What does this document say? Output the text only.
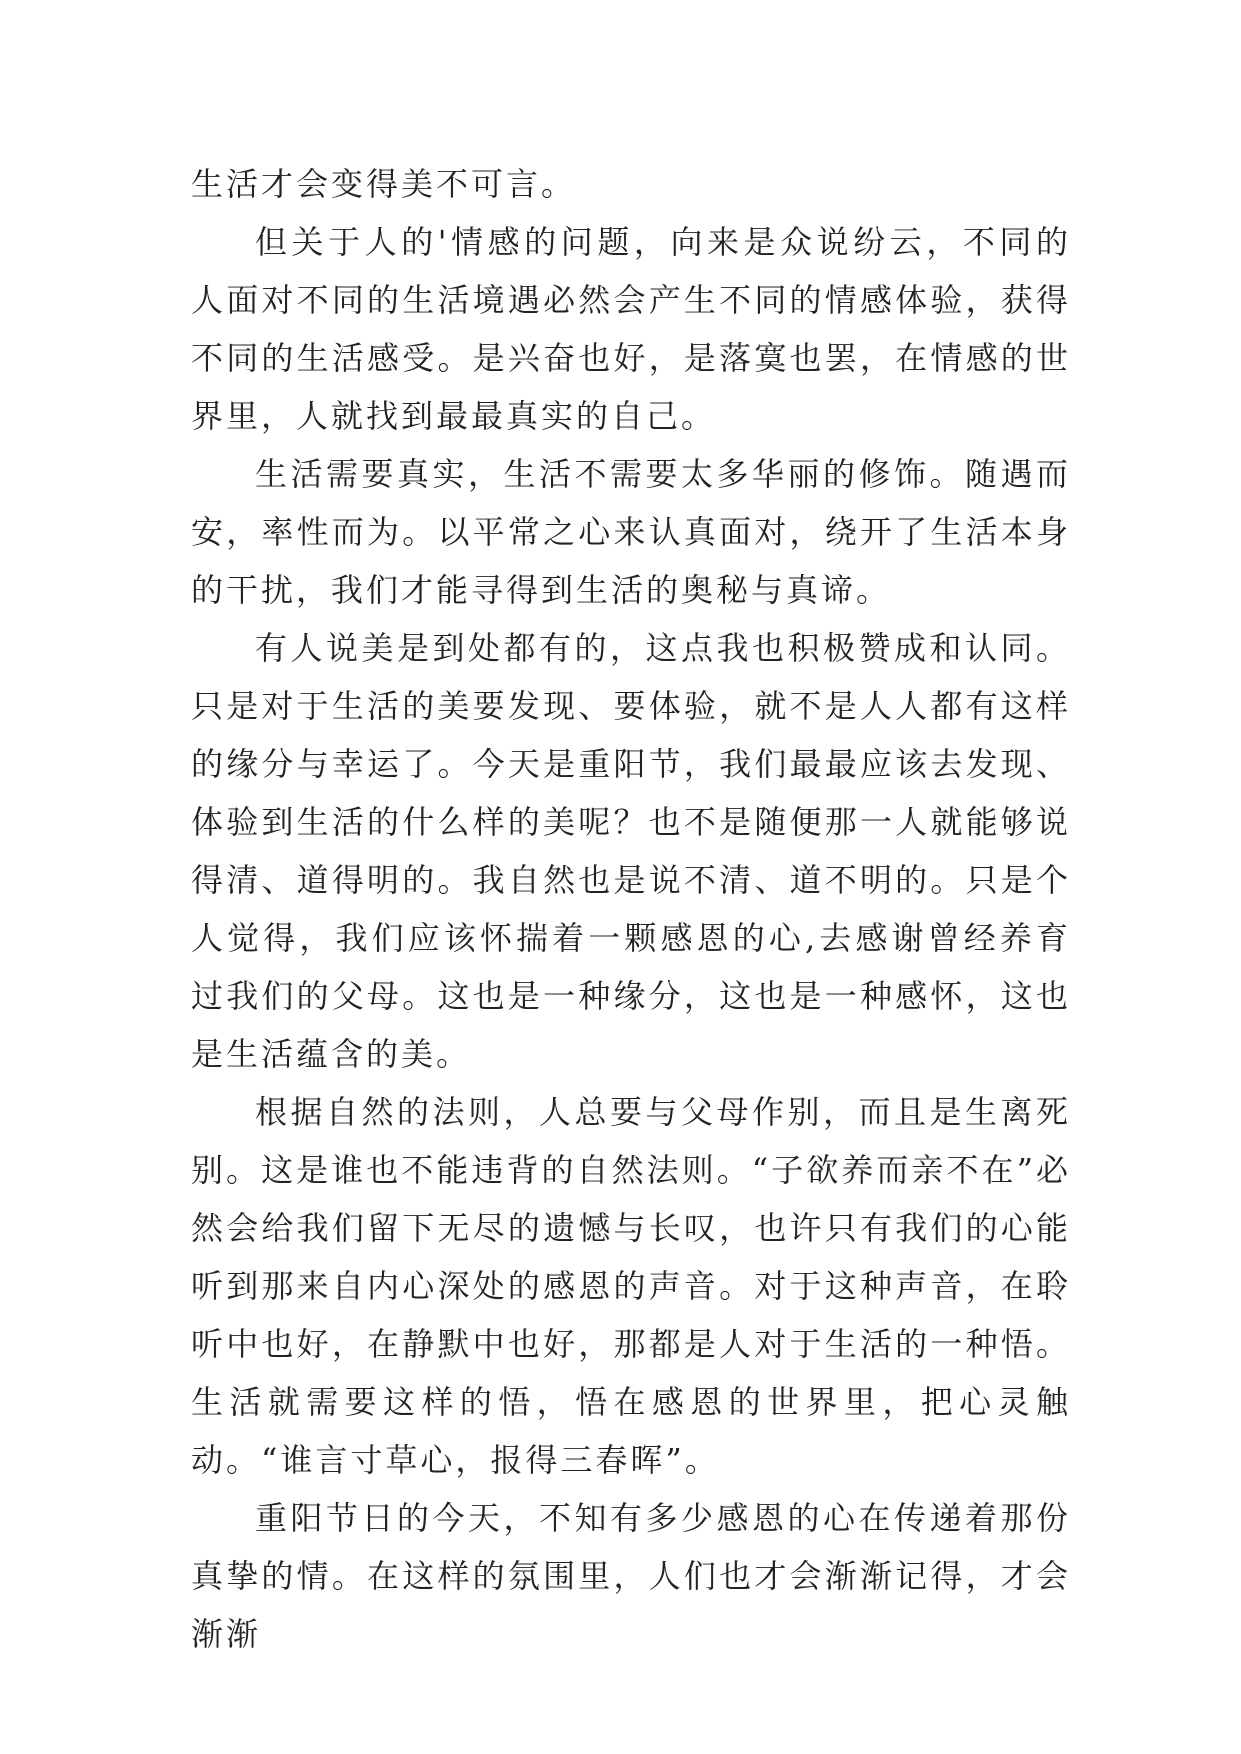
生活才会变得美不可言。

但关于人的'情感的问题，向来是众说纷云，不同的人面对不同的生活境遇必然会产生不同的情感体验，获得不同的生活感受。是兴奋也好，是落寞也罢，在情感的世界里，人就找到最最真实的自己。

生活需要真实，生活不需要太多华丽的修饰。随遇而安，率性而为。以平常之心来认真面对，绕开了生活本身的干扰，我们才能寻得到生活的奥秘与真谛。

有人说美是到处都有的，这点我也积极赞成和认同。只是对于生活的美要发现、要体验，就不是人人都有这样的缘分与幸运了。今天是重阳节，我们最最应该去发现、体验到生活的什么样的美呢？也不是随便那一人就能够说得清、道得明的。我自然也是说不清、道不明的。只是个人觉得，我们应该怀揣着一颗感恩的心,去感谢曾经养育过我们的父母。这也是一种缘分，这也是一种感怀，这也是生活蕴含的美。

根据自然的法则，人总要与父母作别，而且是生离死别。这是谁也不能违背的自然法则。“子欲养而亲不在”必然会给我们留下无尽的遗憾与长叹，也许只有我们的心能听到那来自内心深处的感恩的声音。对于这种声音，在聆听中也好，在静默中也好，那都是人对于生活的一种悟。生活就需要这样的悟，悟在感恩的世界里，把心灵触动。“谁言寸草心，报得三春晖”。

重阳节日的今天，不知有多少感恩的心在传递着那份真挚的情。在这样的氛围里，人们也才会渐渐记得，才会渐渐
